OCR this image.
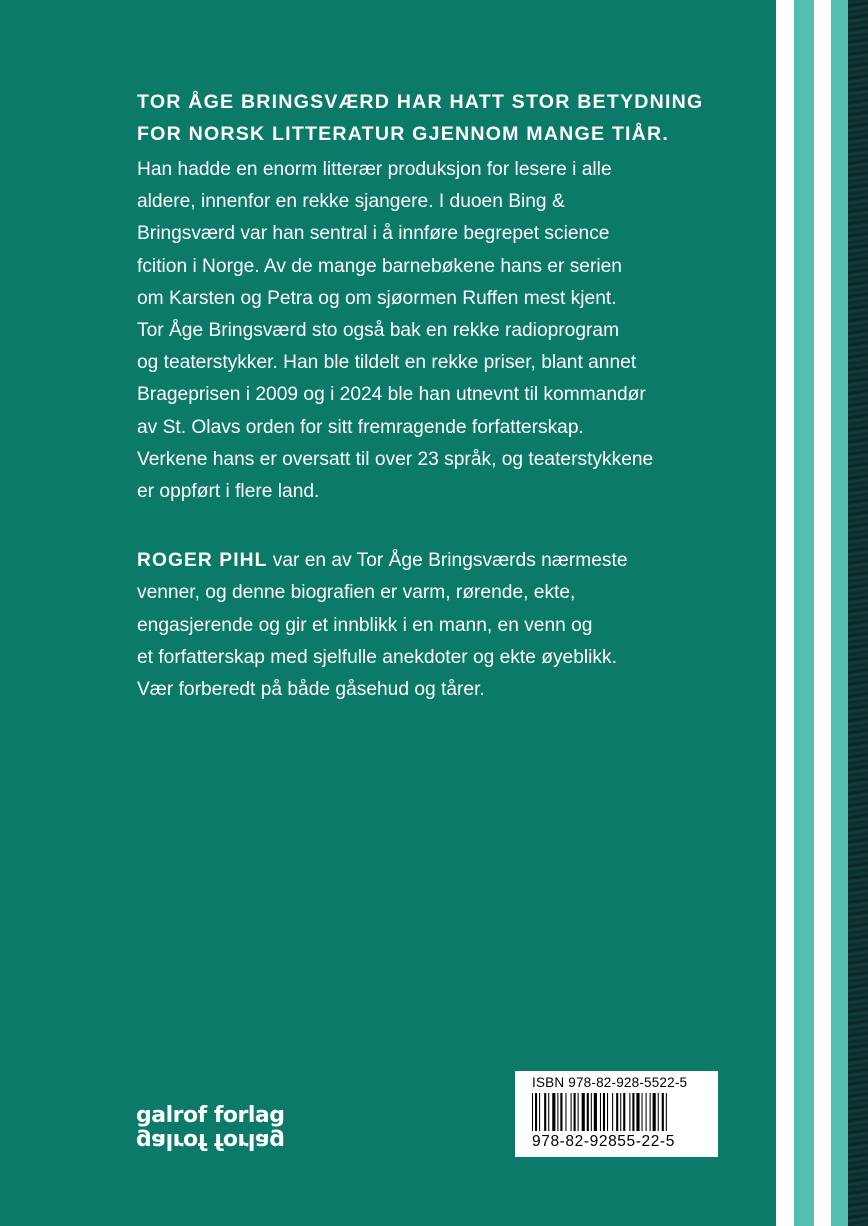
TOR ÅGE BRINGSVÆRD HAR HATT STOR BETYDNING
FOR NORSK LITTERATUR GJENNOM MANGE TIÅR.

Han hadde en enorm litterær produksjon for lesere i alle
aldere, innenfor en rekke sjangere. I duoen Bing &
Bringsværd var han sentral i å innføre begrepet science
fcition i Norge. Av de mange barnebøkene hans er serien
om Karsten og Petra og om sjøormen Ruffen mest kjent.
Tor Åge Bringsværd sto også bak en rekke radioprogram
og teaterstykker. Han ble tildelt en rekke priser, blant annet
Brageprisen i 2009 og i 2024 ble han utnevnt til kommandør
av St. Olavs orden for sitt fremragende forfatterskap.
Verkene hans er oversatt til over 23 språk, og teaterstykkene
er oppført i flere land.

ROGER PIHL var en av Tor Åge Bringsværds nærmeste
venner, og denne biografien er varm, rørende, ekte,
engasjerende og gir et innblikk i en mann, en venn og
et forfatterskap med sjelfulle anekdoter og ekte øyeblikk.
Vær forberedt på både gåsehud og tårer.

galrof forlag
galrof forlag
ISBN 978-82-928-5522-5
978-82-92855-22-5
